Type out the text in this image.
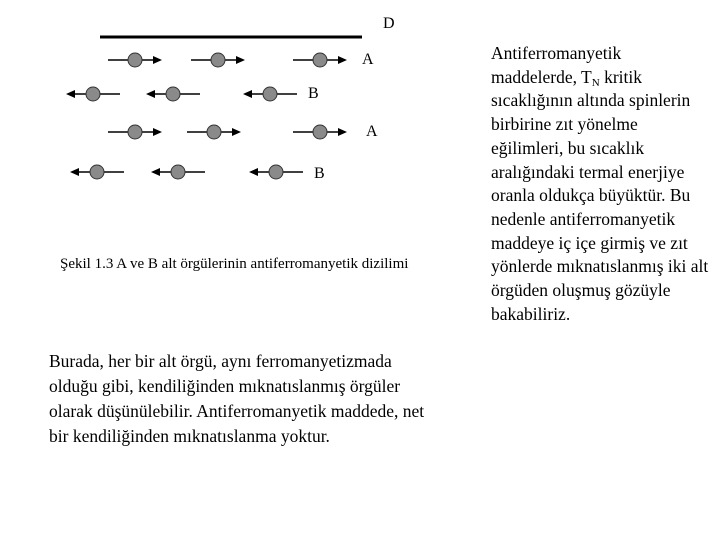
D
A
B
A
B
Şekil 1.3 A ve B alt örgülerinin antiferromanyetik dizilimi
Burada, her bir alt örgü, aynı ferromanyetizmada olduğu gibi, kendiliğinden mıknatıslanmış örgüler olarak düşünülebilir. Antiferromanyetik maddede, net bir kendiliğinden mıknatıslanma yoktur.
Antiferromanyetik maddelerde, $T_N$ kritik sıcaklığının altında spinlerin birbirine zıt yönelme eğilimleri, bu sıcaklık aralığındaki termal enerjiye oranla oldukça büyüktür. Bu nedenle antiferromanyetik maddeye iç içe girmiş ve zıt yönlerde mıknatıslanmış iki alt örgüden oluşmuş gözüyle bakabiliriz.
